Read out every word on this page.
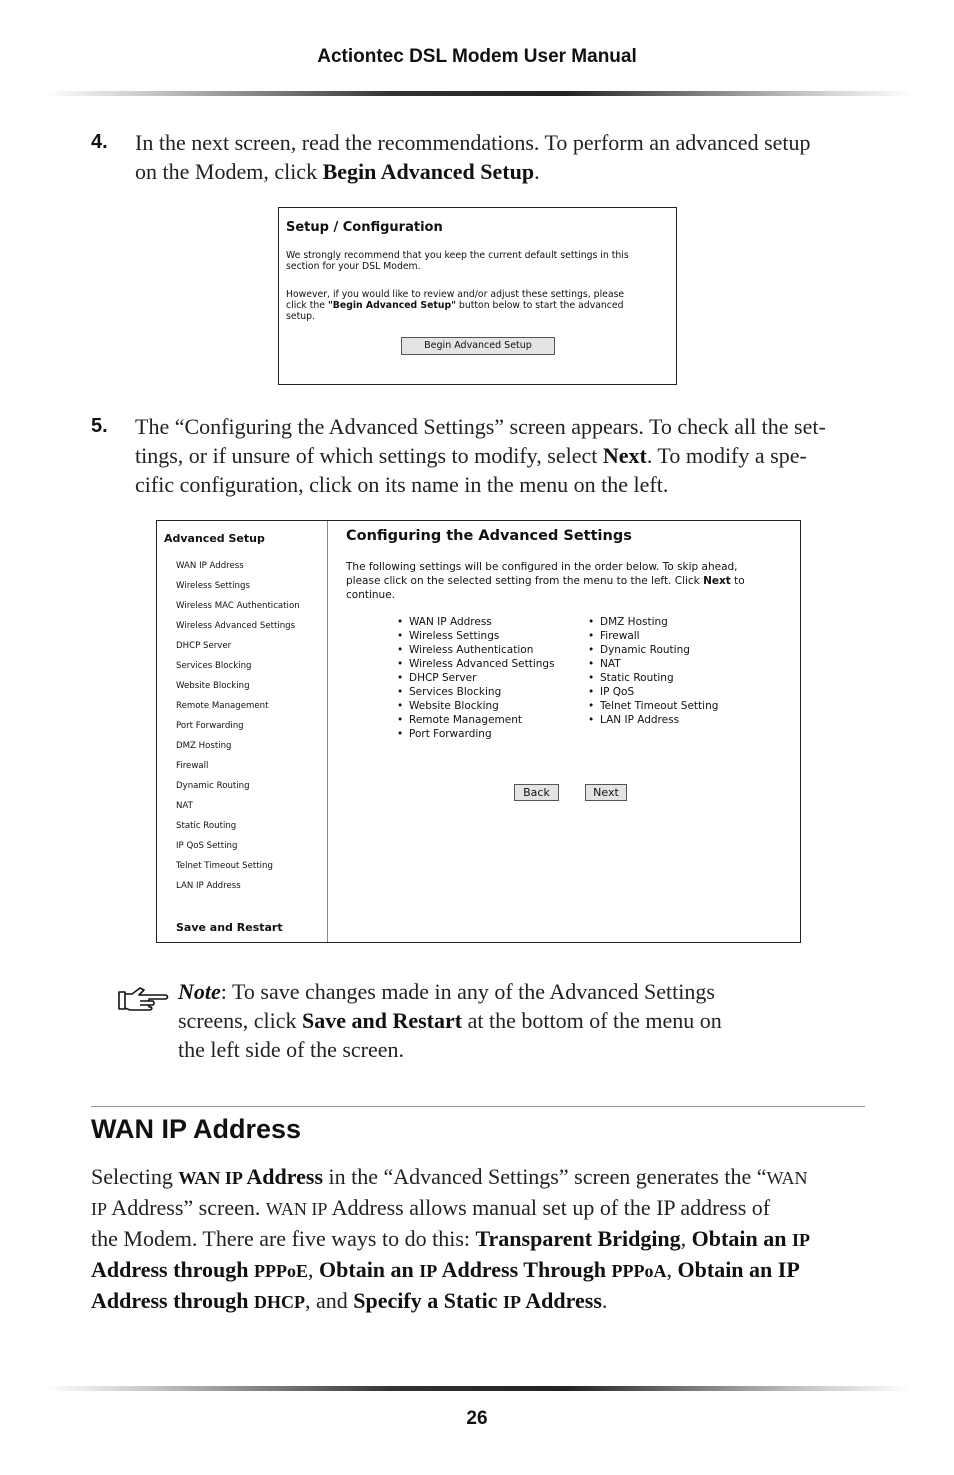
Actiontec DSL Modem User Manual
4. In the next screen, read the recommendations. To perform an advanced setup
on the Modem, click Begin Advanced Setup.
Setup / Configuration
We strongly recommend that you keep the current default settings in this
section for your DSL Modem.
However, if you would like to review and/or adjust these settings, please
click the "Begin Advanced Setup" button below to start the advanced
setup.
Begin Advanced Setup
5. The “Configuring the Advanced Settings” screen appears. To check all the set-
tings, or if unsure of which settings to modify, select Next. To modify a spe-
cific configuration, click on its name in the menu on the left.
Advanced Setup
WAN IP Address
Wireless Settings
Wireless MAC Authentication
Wireless Advanced Settings
DHCP Server
Services Blocking
Website Blocking
Remote Management
Port Forwarding
DMZ Hosting
Firewall
Dynamic Routing
NAT
Static Routing
IP QoS Setting
Telnet Timeout Setting
LAN IP Address
Save and Restart
Configuring the Advanced Settings
The following settings will be configured in the order below. To skip ahead,
please click on the selected setting from the menu to the left. Click Next to
continue.
• WAN IP Address
• Wireless Settings
• Wireless Authentication
• Wireless Advanced Settings
• DHCP Server
• Services Blocking
• Website Blocking
• Remote Management
• Port Forwarding
• DMZ Hosting
• Firewall
• Dynamic Routing
• NAT
• Static Routing
• IP QoS
• Telnet Timeout Setting
• LAN IP Address
Back	Next
Note: To save changes made in any of the Advanced Settings
screens, click Save and Restart at the bottom of the menu on
the left side of the screen.
WAN IP Address
Selecting WAN IP Address in the “Advanced Settings” screen generates the “WAN
IP Address” screen. WAN IP Address allows manual set up of the IP address of
the Modem. There are five ways to do this: Transparent Bridging, Obtain an IP
Address through PPPoE, Obtain an IP Address Through PPPoA, Obtain an IP
Address through DHCP, and Specify a Static IP Address.
26
